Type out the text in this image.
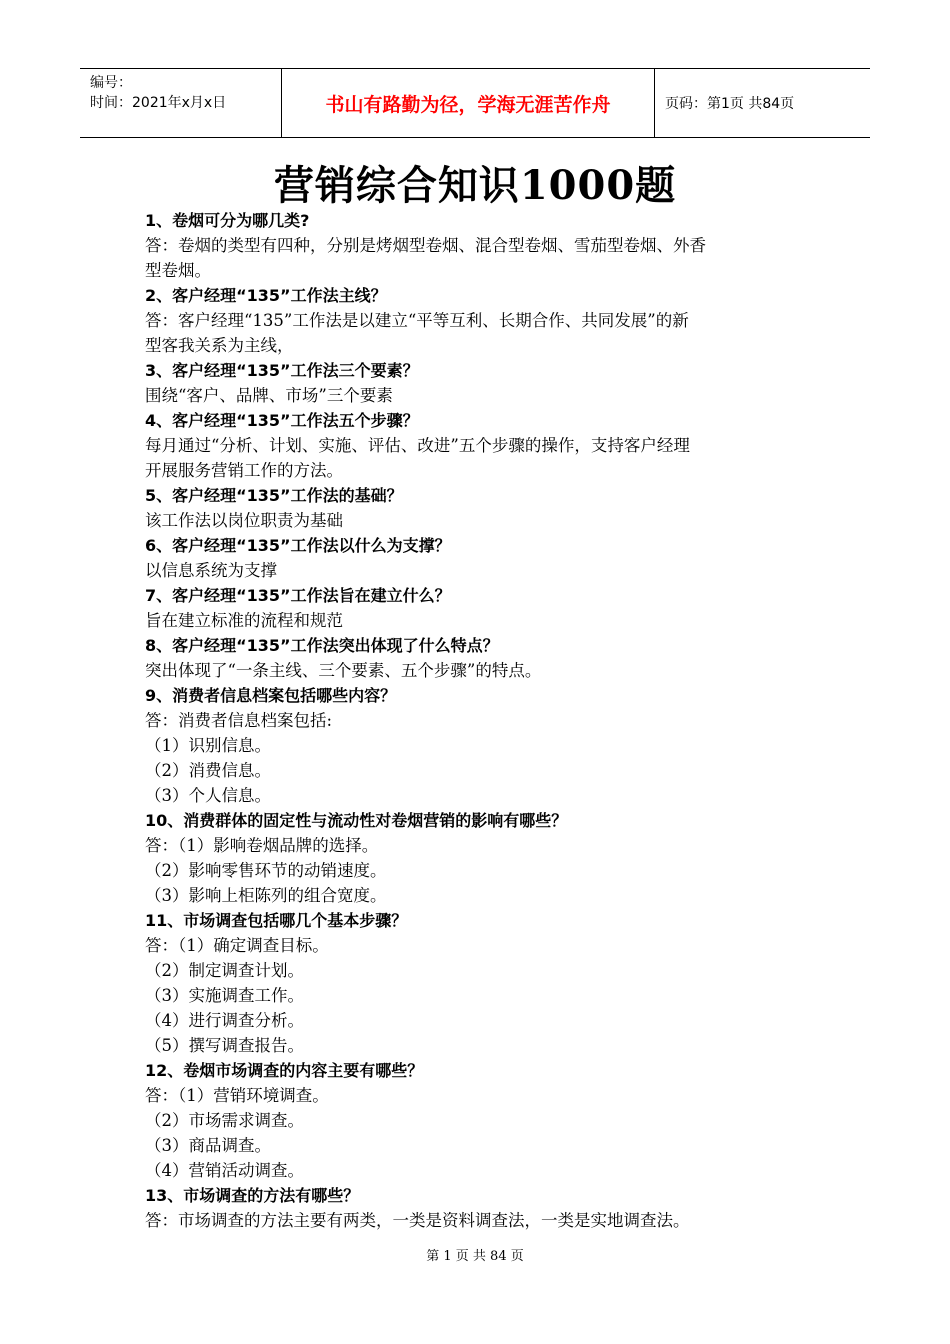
编号：
时间：2021年x月x日	书山有路勤为径，学海无涯苦作舟	页码：第1页 共84页
营销综合知识1000题
1、卷烟可分为哪几类?
答：卷烟的类型有四种，分别是烤烟型卷烟、混合型卷烟、雪茄型卷烟、外香
型卷烟。
2、客户经理“135”工作法主线？
答：客户经理“135”工作法是以建立“平等互利、长期合作、共同发展”的新
型客我关系为主线，
3、客户经理“135”工作法三个要素？
围绕“客户、品牌、市场”三个要素
4、客户经理“135”工作法五个步骤？
每月通过“分析、计划、实施、评估、改进”五个步骤的操作，支持客户经理
开展服务营销工作的方法。
5、客户经理“135”工作法的基础？
该工作法以岗位职责为基础
6、客户经理“135”工作法以什么为支撑？
以信息系统为支撑
7、客户经理“135”工作法旨在建立什么？
旨在建立标准的流程和规范
8、客户经理“135”工作法突出体现了什么特点？
突出体现了“一条主线、三个要素、五个步骤”的特点。
9、消费者信息档案包括哪些内容？
答：消费者信息档案包括:
（1）识别信息。
（2）消费信息。
（3）个人信息。
10、消费群体的固定性与流动性对卷烟营销的影响有哪些？
答：（1）影响卷烟品牌的选择。
（2）影响零售环节的动销速度。
（3）影响上柜陈列的组合宽度。
11、市场调查包括哪几个基本步骤？
答：（1）确定调查目标。
（2）制定调查计划。
（3）实施调查工作。
（4）进行调查分析。
（5）撰写调查报告。
12、卷烟市场调查的内容主要有哪些？
答：（1）营销环境调查。
（2）市场需求调查。
（3）商品调查。
（4）营销活动调查。
13、市场调查的方法有哪些？
答：市场调查的方法主要有两类，一类是资料调查法，一类是实地调查法。
第 1 页 共 84 页
